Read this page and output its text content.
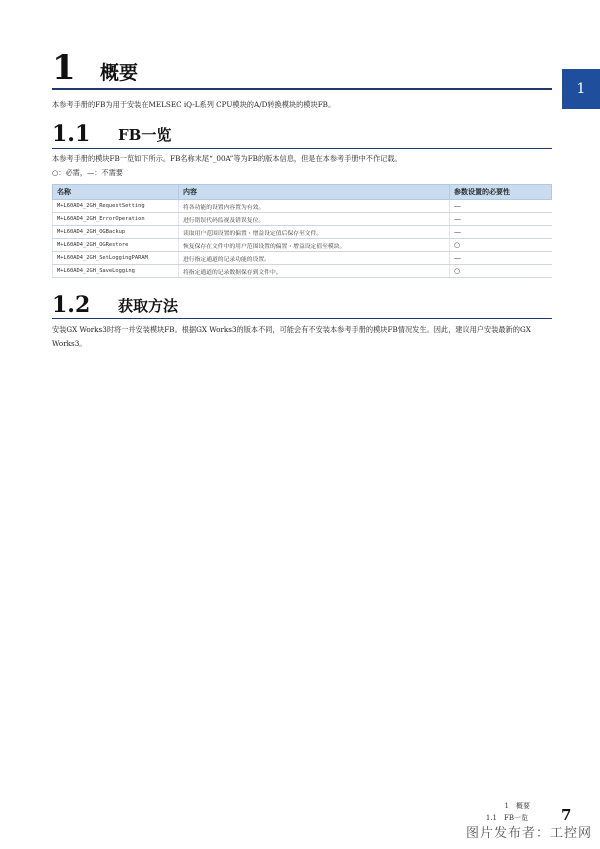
1 概要
1
本参考手册的FB为用于安装在MELSEC iQ-L系列 CPU模块的A/D转换模块的模块FB。
1.1 FB一览
本参考手册的模块FB一览如下所示。FB名称末尾“_00A”等为FB的版本信息，但是在本参考手册中不作记载。
○：必需，—：不需要
名称	内容	参数设置的必要性
M+L60AD4_2GH_RequestSetting	将各功能的设置内容置为有效。	—
M+L60AD4_2GH_ErrorOperation	进行错误代码监视及错误复位。	—
M+L60AD4_2GH_OGBackup	读取用户范围设置的偏置・增益设定值后保存至文件。	—
M+L60AD4_2GH_OGRestore	恢复保存在文件中的用户范围设置的偏置・增益设定值至模块。	○
M+L60AD4_2GH_SetLoggingPARAM	进行指定通道的记录功能的设置。	—
M+L60AD4_2GH_SaveLogging	将指定通道的记录数据保存到文件中。	○
1.2 获取方法
安装GX Works3时将一并安装模块FB。根据GX Works3的版本不同，可能会有不安装本参考手册的模块FB情况发生。因此，建议用户安装最新的GX Works3。
1　概要
1.1　FB一览 7
图片发布者：工控网
